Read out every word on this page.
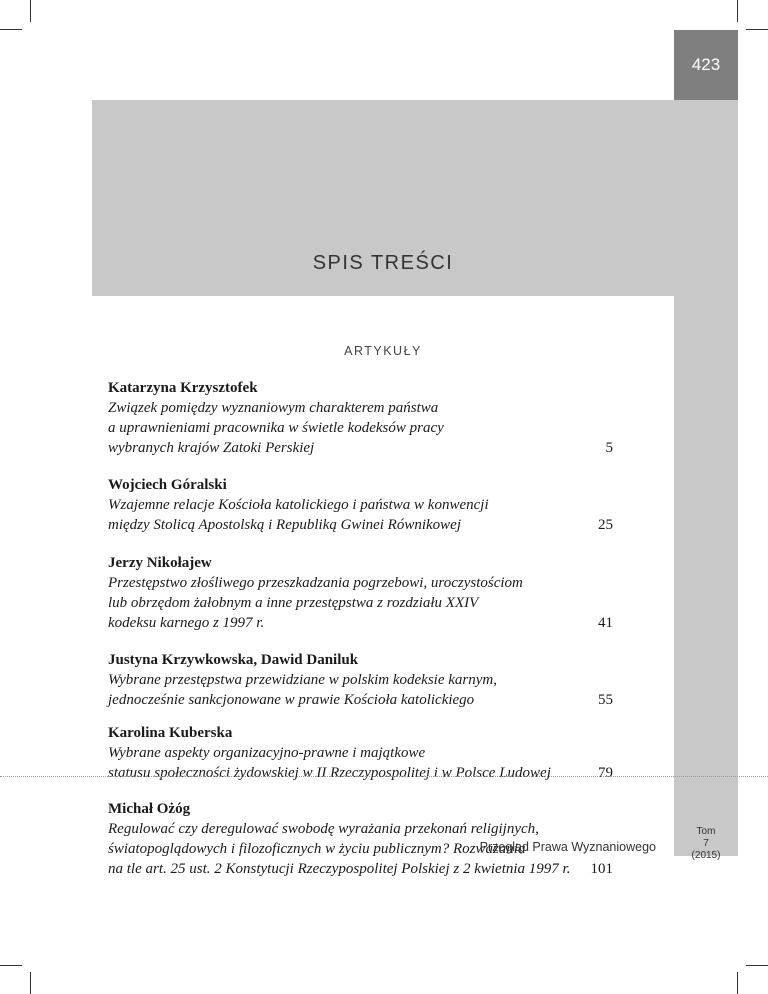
423
SPIS TREŚCI
ARTYKUŁY
Katarzyna Krzysztofek
Związek pomiędzy wyznaniowym charakterem państwa
a uprawnieniami pracownika w świetle kodeksów pracy
wybranych krajów Zatoki Perskiej	5
Wojciech Góralski
Wzajemne relacje Kościoła katolickiego i państwa w konwencji
między Stolicą Apostolską i Republiką Gwinei Równikowej	25
Jerzy Nikołajew
Przestępstwo złośliwego przeszkadzania pogrzebowi, uroczystościom
lub obrzędom żałobnym a inne przestępstwa z rozdziału XXIV
kodeksu karnego z 1997 r.	41
Justyna Krzywkowska, Dawid Daniluk
Wybrane przestępstwa przewidziane w polskim kodeksie karnym,
jednocześnie sankcjonowane w prawie Kościoła katolickiego	55
Karolina Kuberska
Wybrane aspekty organizacyjno-prawne i majątkowe
statusu społeczności żydowskiej w II Rzeczypospolitej i w Polsce Ludowej	79
Michał Ożóg
Regulować czy deregulować swobodę wyrażania przekonań religijnych,
światopoglądowych i filozoficznych w życiu publicznym? Rozważania
na tle art. 25 ust. 2 Konstytucji Rzeczypospolitej Polskiej z 2 kwietnia 1997 r.	101
Przegląd Prawa Wyznaniowego
Tom
7
(2015)
